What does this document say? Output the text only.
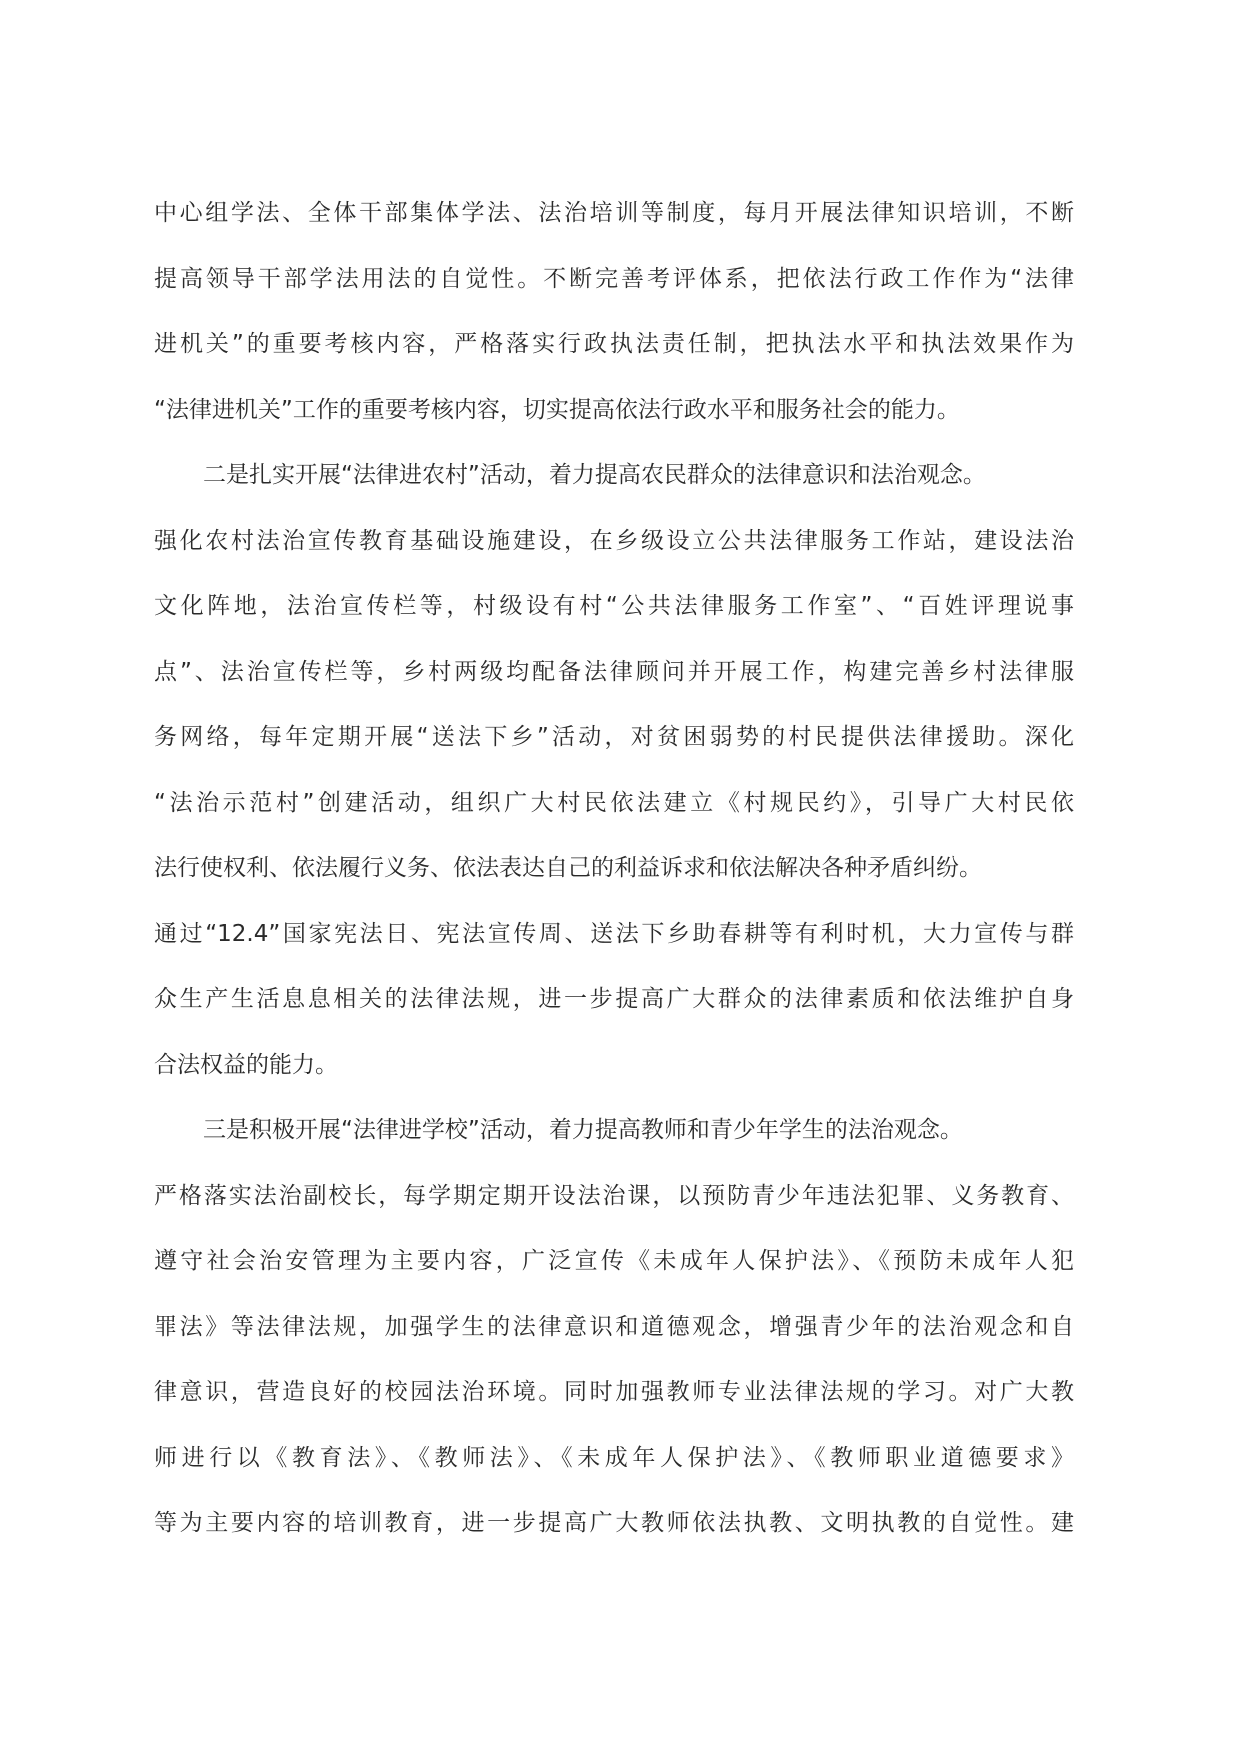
中心组学法、全体干部集体学法、法治培训等制度，每月开展法律知识培训，不断
提高领导干部学法用法的自觉性。不断完善考评体系，把依法行政工作作为“法律
进机关”的重要考核内容，严格落实行政执法责任制，把执法水平和执法效果作为
“法律进机关”工作的重要考核内容，切实提高依法行政水平和服务社会的能力。
二是扎实开展“法律进农村”活动，着力提高农民群众的法律意识和法治观念。
强化农村法治宣传教育基础设施建设，在乡级设立公共法律服务工作站，建设法治
文化阵地，法治宣传栏等，村级设有村“公共法律服务工作室”、“百姓评理说事
点”、法治宣传栏等，乡村两级均配备法律顾问并开展工作，构建完善乡村法律服
务网络，每年定期开展“送法下乡”活动，对贫困弱势的村民提供法律援助。深化
“法治示范村”创建活动，组织广大村民依法建立《村规民约》，引导广大村民依
法行使权利、依法履行义务、依法表达自己的利益诉求和依法解决各种矛盾纠纷。
通过“12.4”国家宪法日、宪法宣传周、送法下乡助春耕等有利时机，大力宣传与群
众生产生活息息相关的法律法规，进一步提高广大群众的法律素质和依法维护自身
合法权益的能力。
三是积极开展“法律进学校”活动，着力提高教师和青少年学生的法治观念。
严格落实法治副校长，每学期定期开设法治课，以预防青少年违法犯罪、义务教育、
遵守社会治安管理为主要内容，广泛宣传《未成年人保护法》、《预防未成年人犯
罪法》等法律法规，加强学生的法律意识和道德观念，增强青少年的法治观念和自
律意识，营造良好的校园法治环境。同时加强教师专业法律法规的学习。对广大教
师进行以《教育法》、《教师法》、《未成年人保护法》、《教师职业道德要求》
等为主要内容的培训教育，进一步提高广大教师依法执教、文明执教的自觉性。建
